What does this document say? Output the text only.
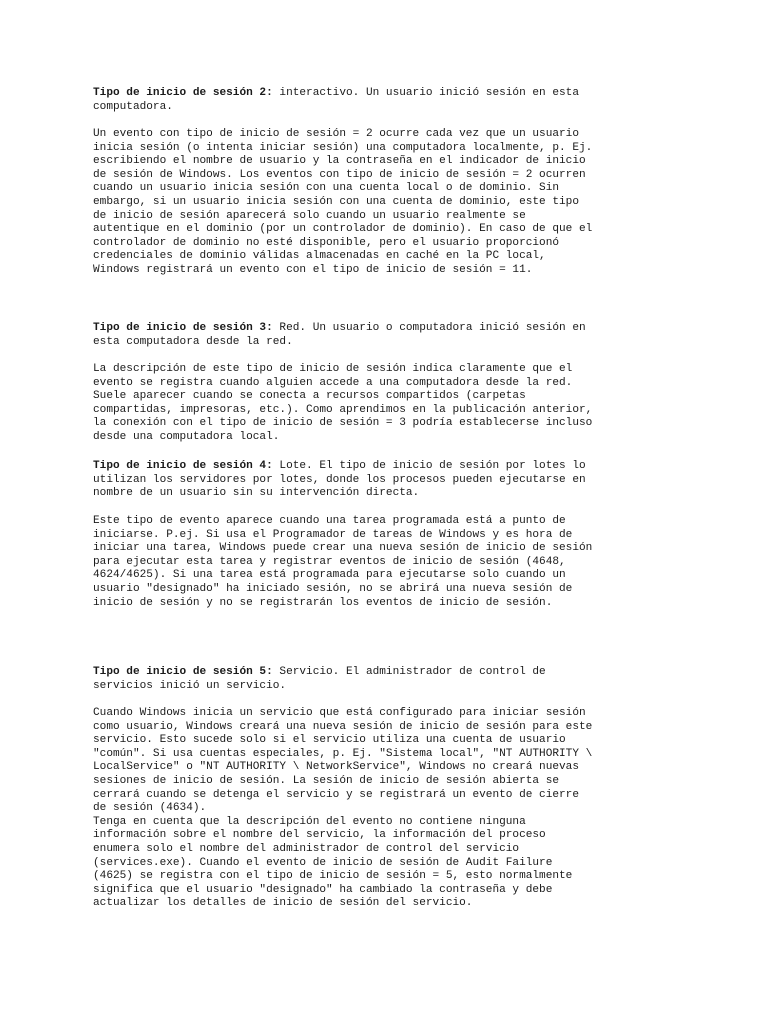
Tipo de inicio de sesión 2: interactivo. Un usuario inició sesión en esta
computadora.

Un evento con tipo de inicio de sesión = 2 ocurre cada vez que un usuario
inicia sesión (o intenta iniciar sesión) una computadora localmente, p. Ej.
escribiendo el nombre de usuario y la contraseña en el indicador de inicio
de sesión de Windows. Los eventos con tipo de inicio de sesión = 2 ocurren
cuando un usuario inicia sesión con una cuenta local o de dominio. Sin
embargo, si un usuario inicia sesión con una cuenta de dominio, este tipo
de inicio de sesión aparecerá solo cuando un usuario realmente se
autentique en el dominio (por un controlador de dominio). En caso de que el
controlador de dominio no esté disponible, pero el usuario proporcionó
credenciales de dominio válidas almacenadas en caché en la PC local,
Windows registrará un evento con el tipo de inicio de sesión = 11.

Tipo de inicio de sesión 3: Red. Un usuario o computadora inició sesión en
esta computadora desde la red.

La descripción de este tipo de inicio de sesión indica claramente que el
evento se registra cuando alguien accede a una computadora desde la red.
Suele aparecer cuando se conecta a recursos compartidos (carpetas
compartidas, impresoras, etc.). Como aprendimos en la publicación anterior,
la conexión con el tipo de inicio de sesión = 3 podría establecerse incluso
desde una computadora local.

Tipo de inicio de sesión 4: Lote. El tipo de inicio de sesión por lotes lo
utilizan los servidores por lotes, donde los procesos pueden ejecutarse en
nombre de un usuario sin su intervención directa.

Este tipo de evento aparece cuando una tarea programada está a punto de
iniciarse. P.ej. Si usa el Programador de tareas de Windows y es hora de
iniciar una tarea, Windows puede crear una nueva sesión de inicio de sesión
para ejecutar esta tarea y registrar eventos de inicio de sesión (4648,
4624/4625). Si una tarea está programada para ejecutarse solo cuando un
usuario "designado" ha iniciado sesión, no se abrirá una nueva sesión de
inicio de sesión y no se registrarán los eventos de inicio de sesión.

Tipo de inicio de sesión 5: Servicio. El administrador de control de
servicios inició un servicio.

Cuando Windows inicia un servicio que está configurado para iniciar sesión
como usuario, Windows creará una nueva sesión de inicio de sesión para este
servicio. Esto sucede solo si el servicio utiliza una cuenta de usuario
"común". Si usa cuentas especiales, p. Ej. "Sistema local", "NT AUTHORITY \
LocalService" o "NT AUTHORITY \ NetworkService", Windows no creará nuevas
sesiones de inicio de sesión. La sesión de inicio de sesión abierta se
cerrará cuando se detenga el servicio y se registrará un evento de cierre
de sesión (4634).
Tenga en cuenta que la descripción del evento no contiene ninguna
información sobre el nombre del servicio, la información del proceso
enumera solo el nombre del administrador de control del servicio
(services.exe). Cuando el evento de inicio de sesión de Audit Failure
(4625) se registra con el tipo de inicio de sesión = 5, esto normalmente
significa que el usuario "designado" ha cambiado la contraseña y debe
actualizar los detalles de inicio de sesión del servicio.
